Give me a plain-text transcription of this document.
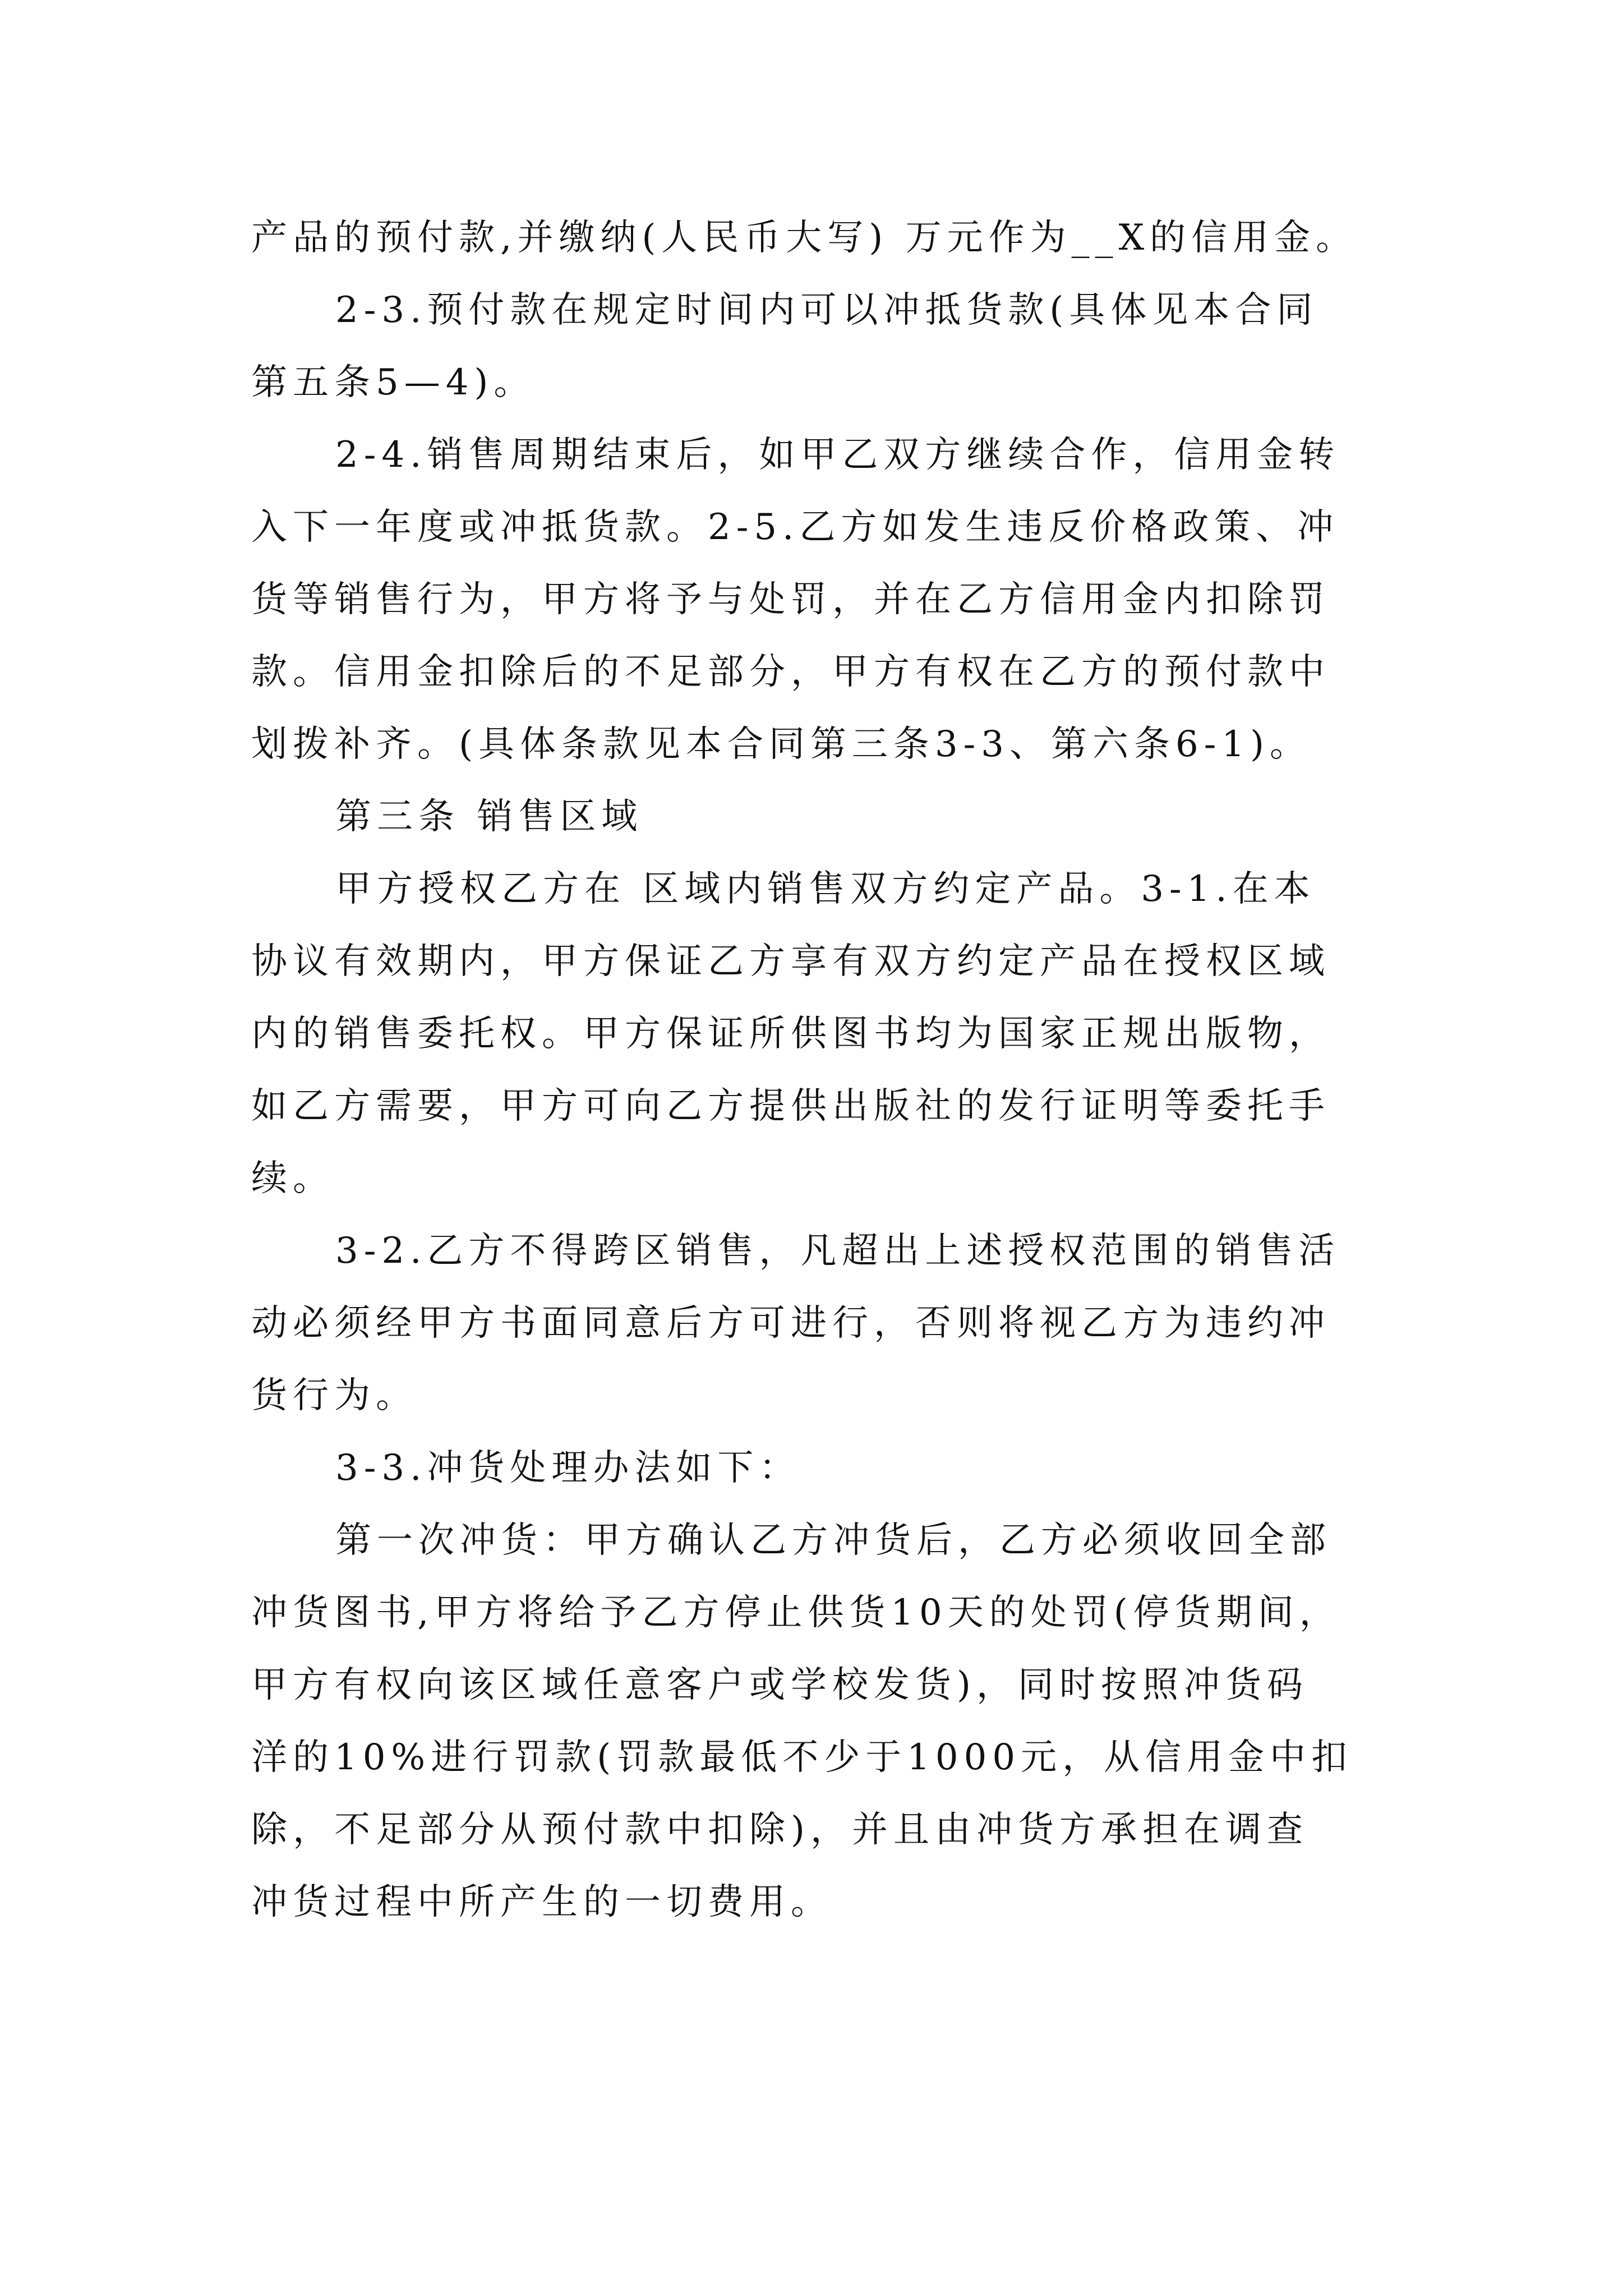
产品的预付款,并缴纳(人民币大写) 万元作为__X的信用金。
2-3.预付款在规定时间内可以冲抵货款(具体见本合同
第五条5—4)。
2-4.销售周期结束后，如甲乙双方继续合作，信用金转
入下一年度或冲抵货款。2-5.乙方如发生违反价格政策、冲
货等销售行为，甲方将予与处罚，并在乙方信用金内扣除罚
款。信用金扣除后的不足部分，甲方有权在乙方的预付款中
划拨补齐。(具体条款见本合同第三条3-3、第六条6-1)。
第三条 销售区域
甲方授权乙方在 区域内销售双方约定产品。3-1.在本
协议有效期内，甲方保证乙方享有双方约定产品在授权区域
内的销售委托权。甲方保证所供图书均为国家正规出版物，
如乙方需要，甲方可向乙方提供出版社的发行证明等委托手
续。
3-2.乙方不得跨区销售，凡超出上述授权范围的销售活
动必须经甲方书面同意后方可进行，否则将视乙方为违约冲
货行为。
3-3.冲货处理办法如下：
第一次冲货：甲方确认乙方冲货后，乙方必须收回全部
冲货图书,甲方将给予乙方停止供货10天的处罚(停货期间，
甲方有权向该区域任意客户或学校发货)，同时按照冲货码
洋的10%进行罚款(罚款最低不少于1000元，从信用金中扣
除，不足部分从预付款中扣除)，并且由冲货方承担在调查
冲货过程中所产生的一切费用。
